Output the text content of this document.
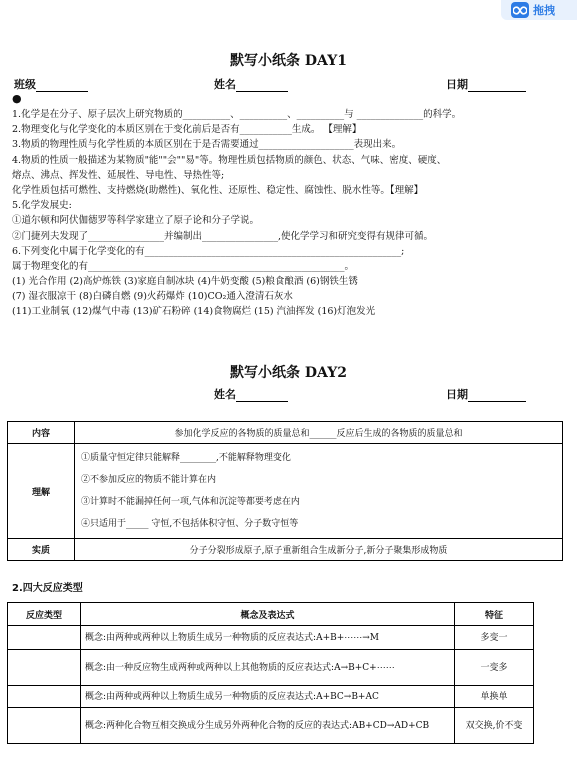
拖拽
默写小纸条 DAY1
班级	姓名	日期
●
1.化学是在分子、原子层次上研究物质的__________、__________、__________与 ______________的科学。
2.物理变化与化学变化的本质区别在于变化前后是否有___________生成。 【理解】
3.物质的物理性质与化学性质的本质区别在于是否需要通过____________________表现出来。
4.物质的性质一般描述为某物质"能""会""易"等。物理性质包括物质的颜色、状态、气味、密度、硬度、
熔点、沸点、挥发性、延展性、导电性、导热性等;
化学性质包括可燃性、支持燃烧(助燃性)、氧化性、还原性、稳定性、腐蚀性、脱水性等。【理解】
5.化学发展史:
①道尔顿和阿伏伽德罗等科学家建立了原子论和分子学说。
②门捷列夫发现了________________并编制出________________,使化学学习和研究变得有规律可循。
6.下列变化中属于化学变化的有______________________________________________________;
属于物理变化的有______________________________________________________。
(1) 光合作用 (2)高炉炼铁 (3)家庭自制冰块 (4)牛奶变酸 (5)粮食酿酒 (6)钢铁生锈
(7) 湿衣服凉干 (8)白磷自燃 (9)火药爆炸 (10)CO₂通入澄清石灰水
(11)工业制氧 (12)煤气中毒 (13)矿石粉碎 (14)食物腐烂 (15) 汽油挥发 (16)灯泡发光
默写小纸条 DAY2
姓名	日期
内容	参加化学反应的各物质的质量总和______反应后生成的各物质的质量总和
理解	①质量守恒定律只能解释________,不能解释物理变化
②不参加反应的物质不能计算在内
③计算时不能漏掉任何一项,气体和沉淀等都要考虑在内
④只适用于_____ 守恒,不包括体积守恒、分子数守恒等

实质	分子分裂形成原子,原子重新组合生成新分子,新分子聚集形成物质
2.四大反应类型
反应类型	概念及表达式	特征
	概念:由两种或两种以上物质生成另一种物质的反应表达式:A+B+⋯⋯→M	多变一
	概念:由一种反应物生成两种或两种以上其他物质的反应表达式:A→B+C+⋯⋯	一变多
	概念:由两种或两种以上物质生成另一种物质的反应表达式:A+BC→B+AC	单换单
	概念:两种化合物互相交换成分生成另外两种化合物的反应的表达式:AB+CD→AD+CB	双交换,价不变
